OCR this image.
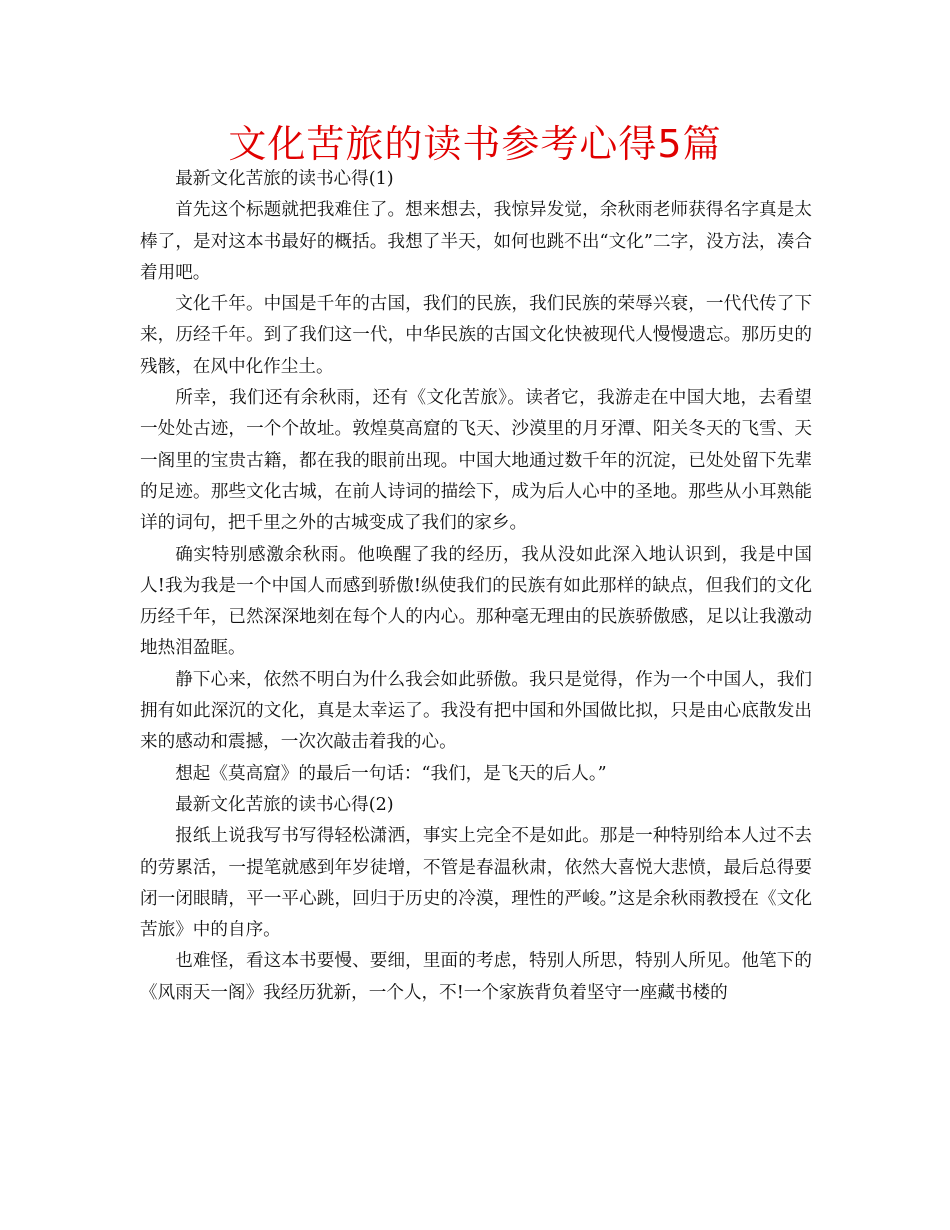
文化苦旅的读书参考心得5篇

最新文化苦旅的读书心得(1)

首先这个标题就把我难住了。想来想去，我惊异发觉，余秋雨老师获得名字真是太棒了，是对这本书最好的概括。我想了半天，如何也跳不出“文化”二字，没方法，凑合着用吧。

文化千年。中国是千年的古国，我们的民族，我们民族的荣辱兴衰，一代代传了下来，历经千年。到了我们这一代，中华民族的古国文化快被现代人慢慢遗忘。那历史的残骸，在风中化作尘土。

所幸，我们还有余秋雨，还有《文化苦旅》。读者它，我游走在中国大地，去看望一处处古迹，一个个故址。敦煌莫高窟的飞天、沙漠里的月牙潭、阳关冬天的飞雪、天一阁里的宝贵古籍，都在我的眼前出现。中国大地通过数千年的沉淀，已处处留下先辈的足迹。那些文化古城，在前人诗词的描绘下，成为后人心中的圣地。那些从小耳熟能详的词句，把千里之外的古城变成了我们的家乡。

确实特别感激余秋雨。他唤醒了我的经历，我从没如此深入地认识到，我是中国人!我为我是一个中国人而感到骄傲!纵使我们的民族有如此那样的缺点，但我们的文化历经千年，已然深深地刻在每个人的内心。那种毫无理由的民族骄傲感，足以让我激动地热泪盈眶。

静下心来，依然不明白为什么我会如此骄傲。我只是觉得，作为一个中国人，我们拥有如此深沉的文化，真是太幸运了。我没有把中国和外国做比拟，只是由心底散发出来的感动和震撼，一次次敲击着我的心。

想起《莫高窟》的最后一句话：“我们，是飞天的后人。”

最新文化苦旅的读书心得(2)

报纸上说我写书写得轻松潇洒，事实上完全不是如此。那是一种特别给本人过不去的劳累活，一提笔就感到年岁徒增，不管是春温秋肃，依然大喜悦大悲愤，最后总得要闭一闭眼睛，平一平心跳，回归于历史的冷漠，理性的严峻。”这是余秋雨教授在《文化苦旅》中的自序。

也难怪，看这本书要慢、要细，里面的考虑，特别人所思，特别人所见。他笔下的《风雨天一阁》我经历犹新，一个人，不!一个家族背负着坚守一座藏书楼的
